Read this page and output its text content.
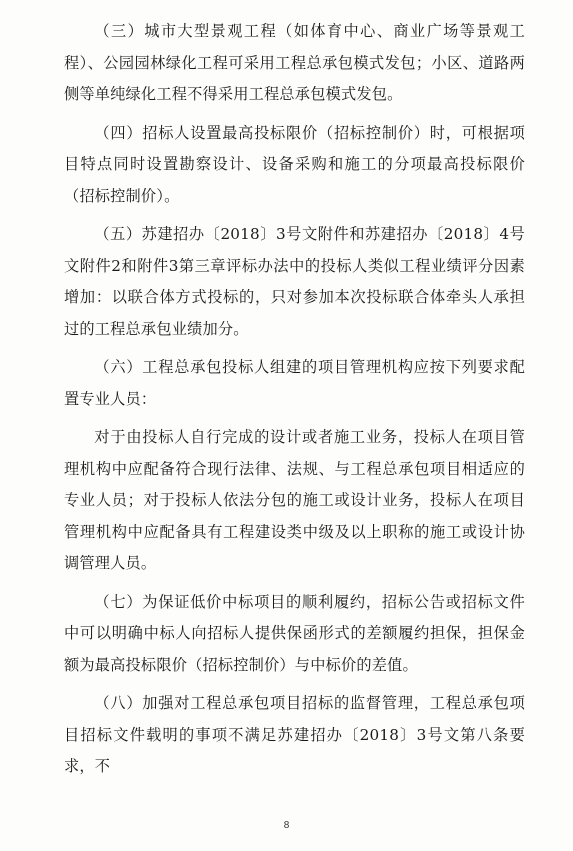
（三）城市大型景观工程（如体育中心、商业广场等景观工程）、公园园林绿化工程可采用工程总承包模式发包；小区、道路两侧等单纯绿化工程不得采用工程总承包模式发包。

（四）招标人设置最高投标限价（招标控制价）时，可根据项目特点同时设置勘察设计、设备采购和施工的分项最高投标限价（招标控制价）。

（五）苏建招办〔2018〕3号文附件和苏建招办〔2018〕4号文附件2和附件3第三章评标办法中的投标人类似工程业绩评分因素增加：以联合体方式投标的，只对参加本次投标联合体牵头人承担过的工程总承包业绩加分。

（六）工程总承包投标人组建的项目管理机构应按下列要求配置专业人员：

对于由投标人自行完成的设计或者施工业务，投标人在项目管理机构中应配备符合现行法律、法规、与工程总承包项目相适应的专业人员；对于投标人依法分包的施工或设计业务，投标人在项目管理机构中应配备具有工程建设类中级及以上职称的施工或设计协调管理人员。

（七）为保证低价中标项目的顺利履约，招标公告或招标文件中可以明确中标人向招标人提供保函形式的差额履约担保，担保金额为最高投标限价（招标控制价）与中标价的差值。

（八）加强对工程总承包项目招标的监督管理，工程总承包项目招标文件载明的事项不满足苏建招办〔2018〕3号文第八条要求，不

8
